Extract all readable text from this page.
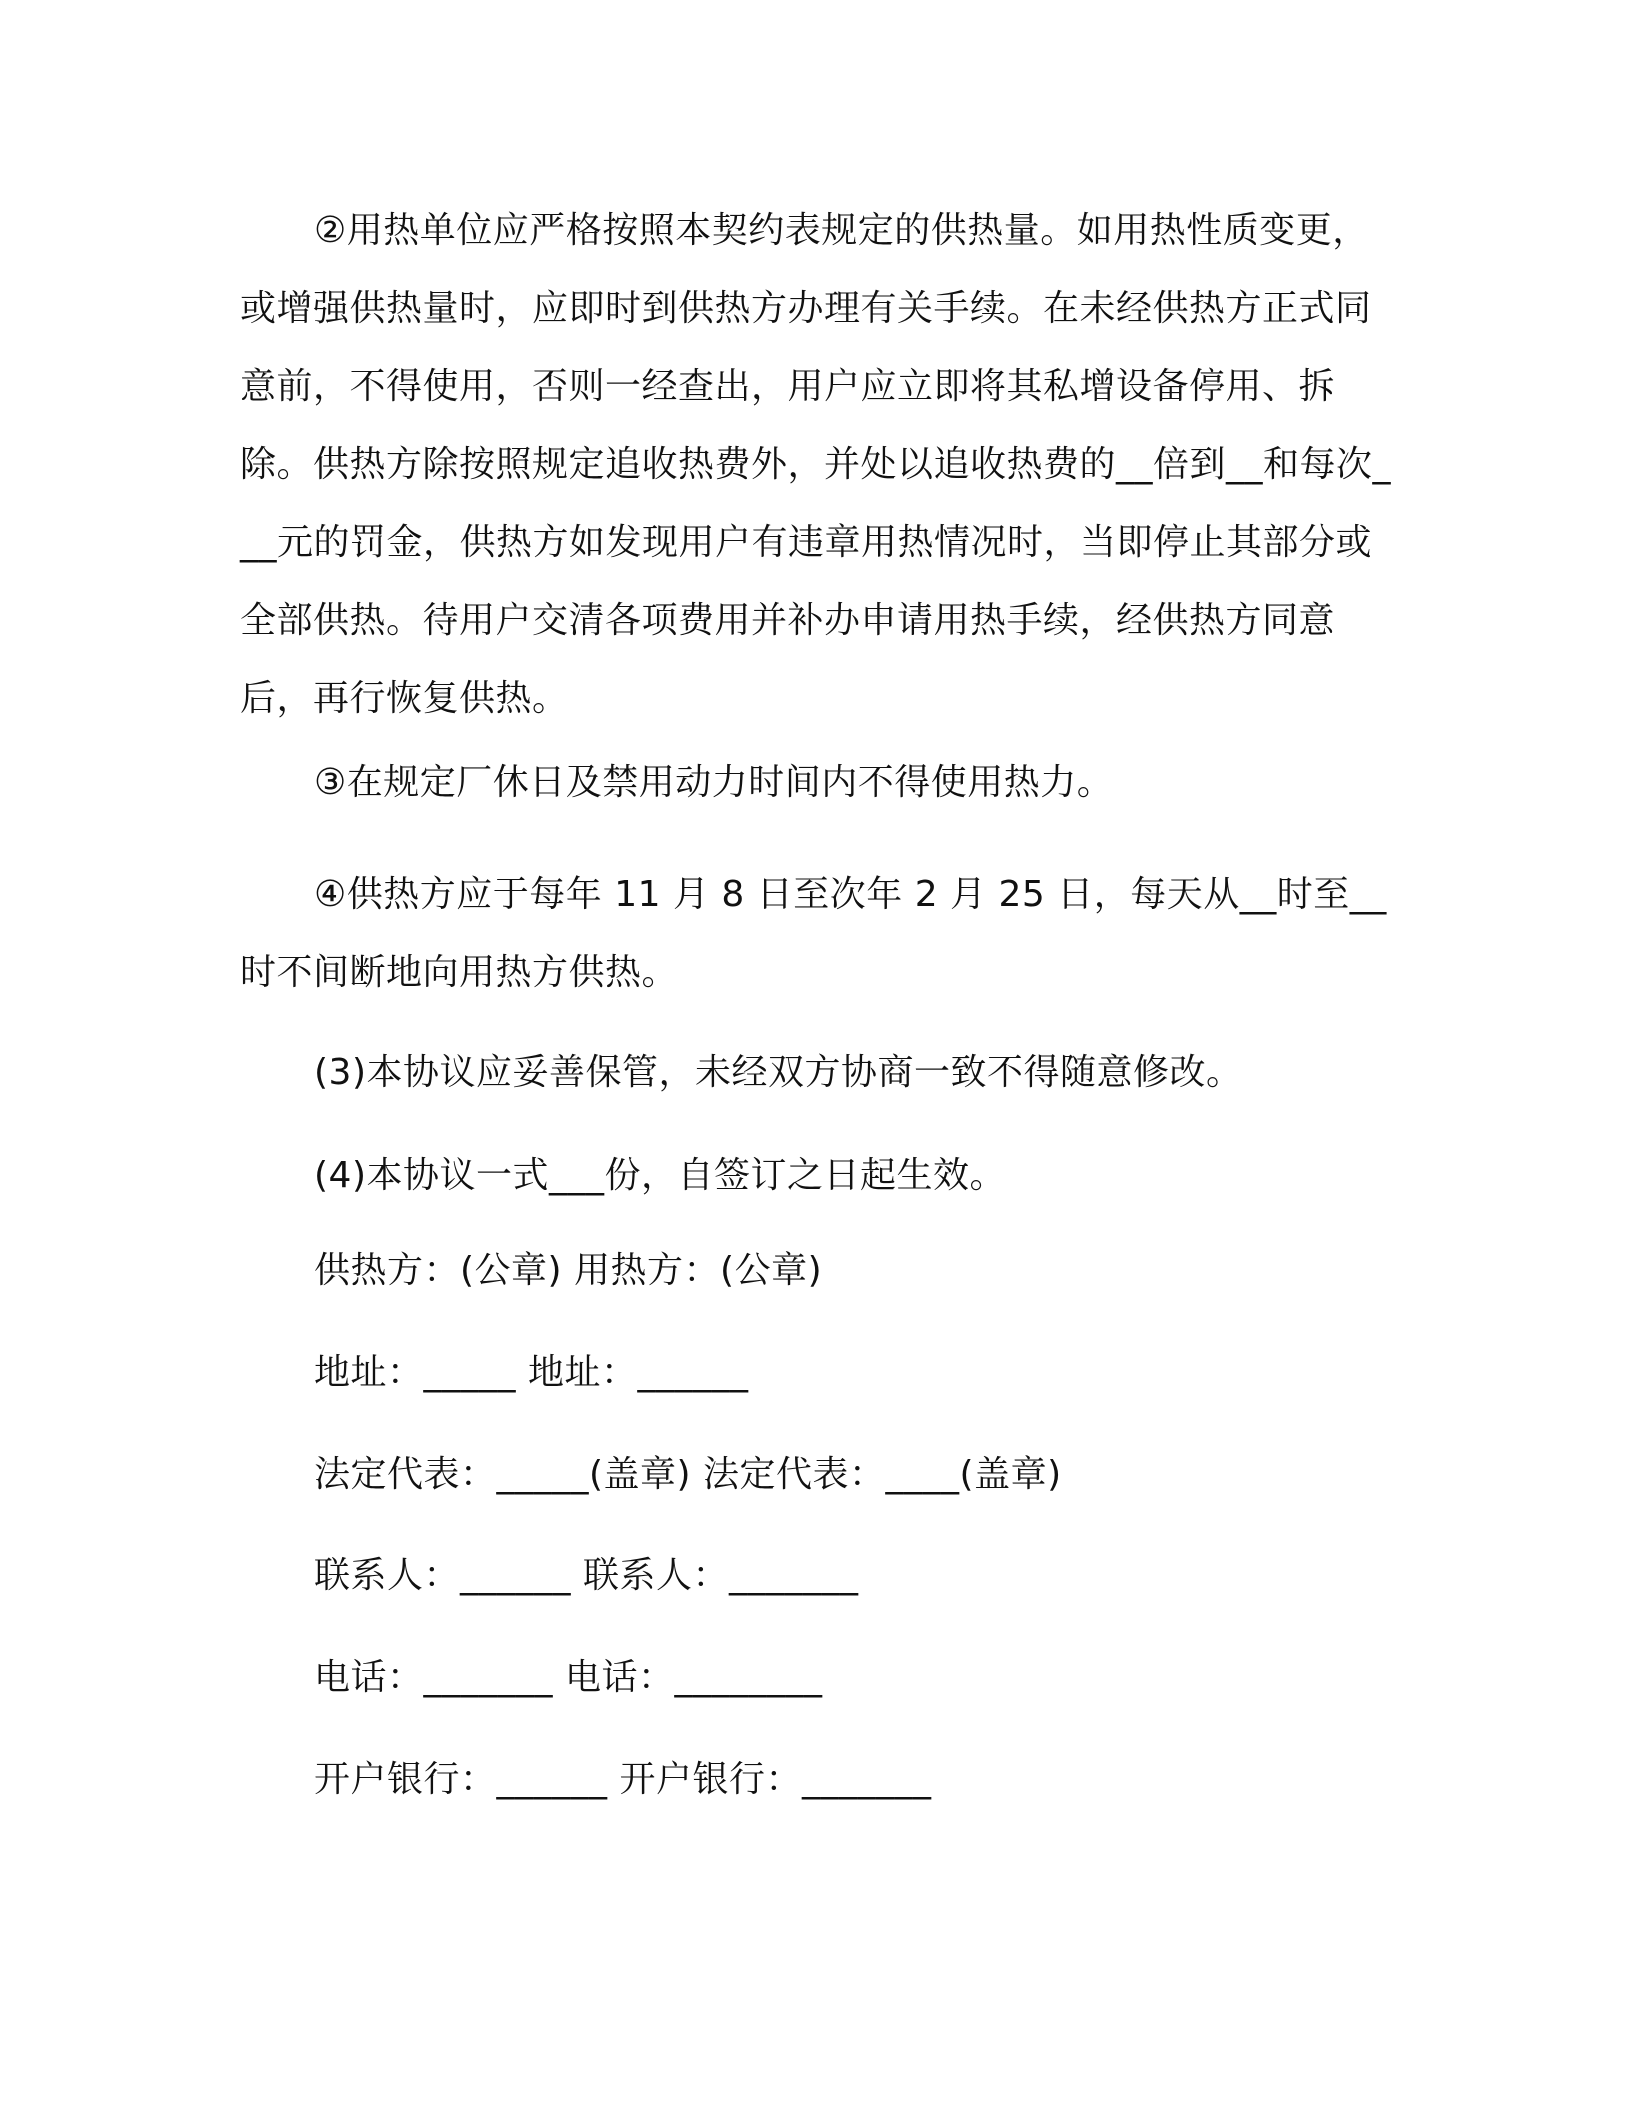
②用热单位应严格按照本契约表规定的供热量。如用热性质变更，或增强供热量时，应即时到供热方办理有关手续。在未经供热方正式同意前，不得使用，否则一经查出，用户应立即将其私增设备停用、拆除。供热方除按照规定追收热费外，并处以追收热费的__倍到__和每次___元的罚金，供热方如发现用户有违章用热情况时，当即停止其部分或全部供热。待用户交清各项费用并补办申请用热手续，经供热方同意后，再行恢复供热。

③在规定厂休日及禁用动力时间内不得使用热力。

④供热方应于每年 11 月 8 日至次年 2 月 25 日，每天从__时至__时不间断地向用热方供热。

(3)本协议应妥善保管，未经双方协商一致不得随意修改。

(4)本协议一式___份，自签订之日起生效。

供热方：(公章) 用热方：(公章)

地址：_____ 地址：______

法定代表：_____(盖章) 法定代表：____(盖章)

联系人：______ 联系人：_______

电话：_______ 电话：________

开户银行：______ 开户银行：_______
